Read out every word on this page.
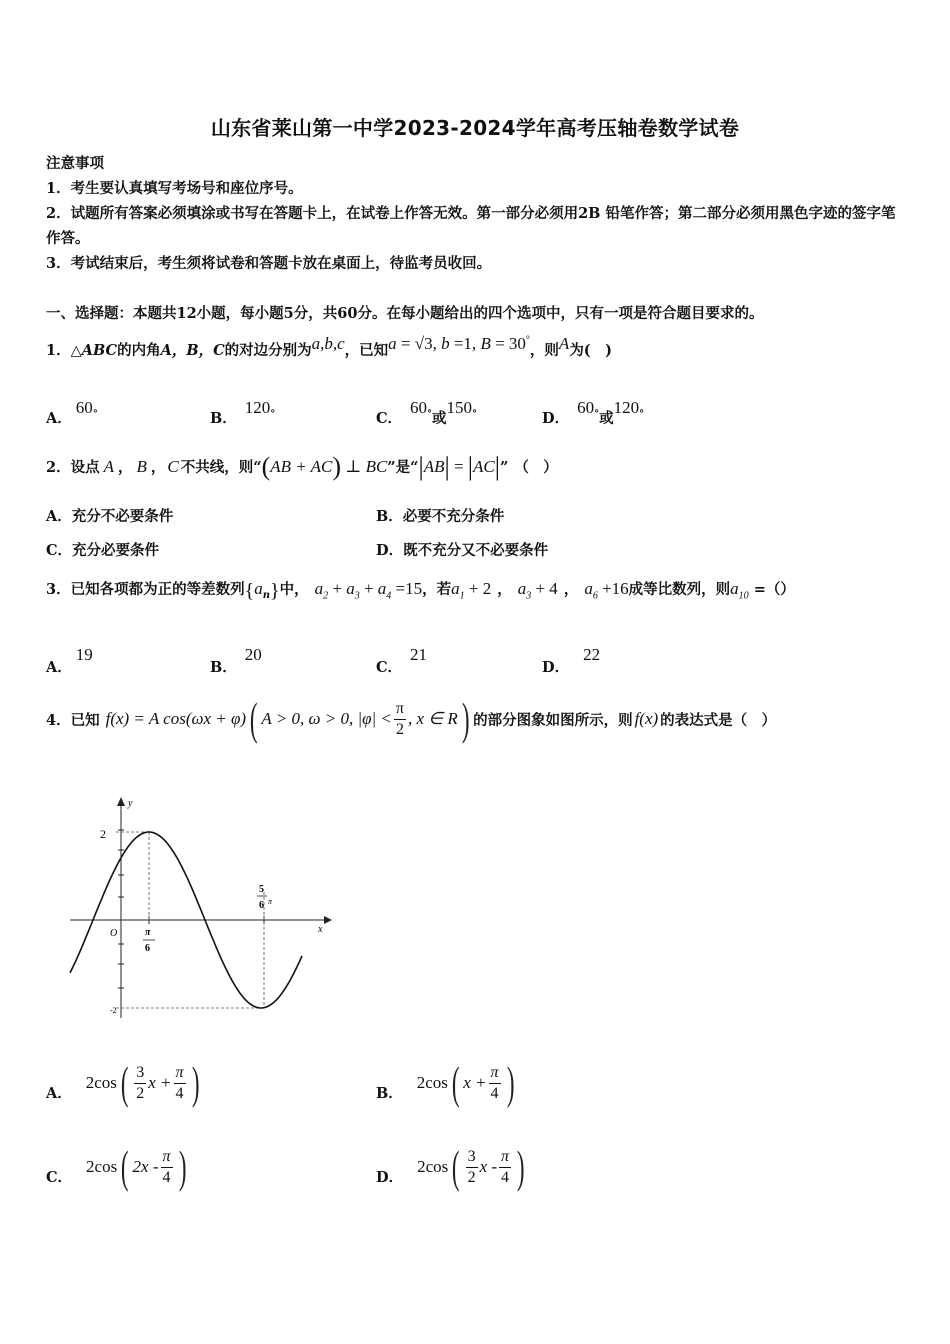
山东省莱山第一中学2023-2024学年高考压轴卷数学试卷
注意事项
1．考生要认真填写考场号和座位序号。
2．试题所有答案必须填涂或书写在答题卡上，在试卷上作答无效。第一部分必须用2B 铅笔作答；第二部分必须用黑色字迹的签字笔作答。
3．考试结束后，考生须将试卷和答题卡放在桌面上，待监考员收回。
一、选择题：本题共12小题，每小题5分，共60分。在每小题给出的四个选项中，只有一项是符合题目要求的。
1．△ABC的内角A，B，C的对边分别为a,b,c，已知a = √3, b =1, B = 30°，则A为(　)
A．60°	B．120°	C．60°或150°	D．60°或120°
2．设点 A ， B ， C 不共线，则“(AB + AC) ⊥ BC”是“|AB| = |AC|” （　）
A．充分不必要条件	B．必要不充分条件
C．充分必要条件	D．既不充分又不必要条件
3．已知各项都为正的等差数列$\{a_n\}$中， $a_2 + a_3 + a_4 =15$，若$a_1 + 2$ ， $a_3 + 4$ ， $a_6 +16$成等比数列，则$a_{10}$ =（）
A．19
B．20
C．21
D．22
4． 已知 f(x) = A cos(ωx + φ) ( A > 0, ω > 0, $|\varphi| < \frac{\pi}{2}$ , x ∈ R ) 的部分图象如图所示，则 f(x) 的表达式是（　）
y
x
O
2
-2
π
6
5
6 π
A．
2cos ( $\frac{3}{2}$ $x + \frac{\pi}{4}$ )	B．
2cos ( $x + \frac{\pi}{4}$ )
C．
2cos ( $2x - \frac{\pi}{4}$ )	D．
2cos ( $\frac{3}{2}$ x - $\frac{\pi}{4}$ )
